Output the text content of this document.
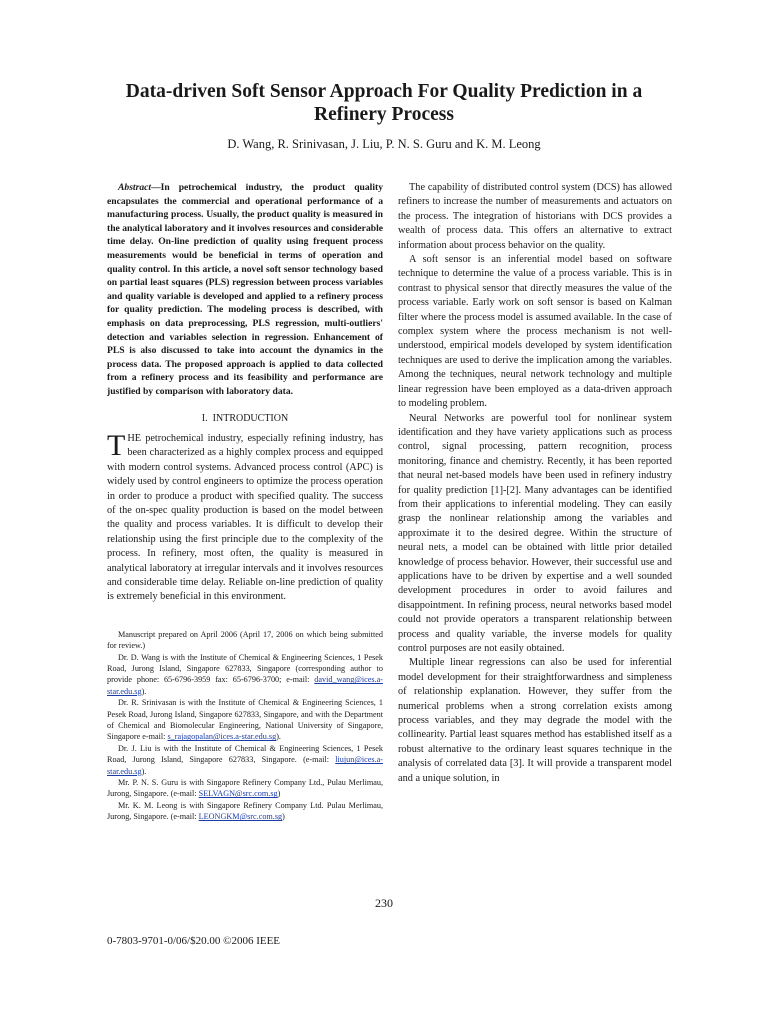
Data-driven Soft Sensor Approach For Quality Prediction in a Refinery Process
D. Wang, R. Srinivasan, J. Liu, P. N. S. Guru and K. M. Leong

Abstract—In petrochemical industry, the product quality encapsulates the commercial and operational performance of a manufacturing process. Usually, the product quality is measured in the analytical laboratory and it involves resources and considerable time delay. On-line prediction of quality using frequent process measurements would be beneficial in terms of operation and quality control. In this article, a novel soft sensor technology based on partial least squares (PLS) regression between process variables and quality variable is developed and applied to a refinery process for quality prediction. The modeling process is described, with emphasis on data preprocessing, PLS regression, multi-outliers' detection and variables selection in regression. Enhancement of PLS is also discussed to take into account the dynamics in the process data. The proposed approach is applied to data collected from a refinery process and its feasibility and performance are justified by comparison with laboratory data.

I. INTRODUCTION

THE petrochemical industry, especially refining industry, has been characterized as a highly complex process and equipped with modern control systems. Advanced process control (APC) is widely used by control engineers to optimize the process operation in order to produce a product with specified quality. The success of the on-spec quality production is based on the model between the quality and process variables. It is difficult to develop their relationship using the first principle due to the complexity of the process. In refinery, most often, the quality is measured in analytical laboratory at irregular intervals and it involves resources and considerable time delay. Reliable on-line prediction of quality is extremely beneficial in this environment.

Manuscript prepared on April 2006 (April 17, 2006 on which being submitted for review.)

Dr. D. Wang is with the Institute of Chemical & Engineering Sciences, 1 Pesek Road, Jurong Island, Singapore 627833, Singapore (corresponding author to provide phone: 65-6796-3959 fax: 65-6796-3700; e-mail: david_wang@ices.a-star.edu.sg).

Dr. R. Srinivasan is with the Institute of Chemical & Engineering Sciences, 1 Pesek Road, Jurong Island, Singapore 627833, Singapore, and with the Department of Chemical and Biomolecular Engineering, National University of Singapore, Singapore e-mail: s_rajagopalan@ices.a-star.edu.sg).

Dr. J. Liu is with the Institute of Chemical & Engineering Sciences, 1 Pesek Road, Jurong Island, Singapore 627833, Singapore. (e-mail: liujun@ices.a-star.edu.sg).

Mr. P. N. S. Guru is with Singapore Refinery Company Ltd., Pulau Merlimau, Jurong, Singapore. (e-mail: SELVAGN@src.com.sg)

Mr. K. M. Leong is with Singapore Refinery Company Ltd. Pulau Merlimau, Jurong, Singapore. (e-mail: LEONGKM@src.com.sg)

The capability of distributed control system (DCS) has allowed refiners to increase the number of measurements and actuators on the process. The integration of historians with DCS provides a wealth of process data. This offers an alternative to extract information about process behavior on the quality.

A soft sensor is an inferential model based on software technique to determine the value of a process variable. This is in contrast to physical sensor that directly measures the value of the process variable. Early work on soft sensor is based on Kalman filter where the process model is assumed available. In the case of complex system where the process mechanism is not well-understood, empirical models developed by system identification techniques are used to derive the implication among the variables. Among the techniques, neural network technology and multiple linear regression have been employed as a data-driven approach to modeling problem.

Neural Networks are powerful tool for nonlinear system identification and they have variety applications such as process control, signal processing, pattern recognition, process monitoring, finance and chemistry. Recently, it has been reported that neural net-based models have been used in refinery industry for quality prediction [1]-[2]. Many advantages can be identified from their applications to inferential modeling. They can easily grasp the nonlinear relationship among the variables and approximate it to the desired degree. Within the structure of neural nets, a model can be obtained with little prior detailed knowledge of process behavior. However, their successful use and applications have to be driven by expertise and a well sounded development procedures in order to avoid failures and disappointment. In refining process, neural networks based model could not provide operators a transparent relationship between process and quality variable, the inverse models for quality control purposes are not easily obtained.

Multiple linear regressions can also be used for inferential model development for their straightforwardness and simpleness of relationship explanation. However, they suffer from the numerical problems when a strong correlation exists among process variables, and they may degrade the model with the collinearity. Partial least squares method has established itself as a robust alternative to the ordinary least squares technique in the analysis of correlated data [3]. It will provide a transparent model and a unique solution, in

230
0-7803-9701-0/06/$20.00 ©2006 IEEE
